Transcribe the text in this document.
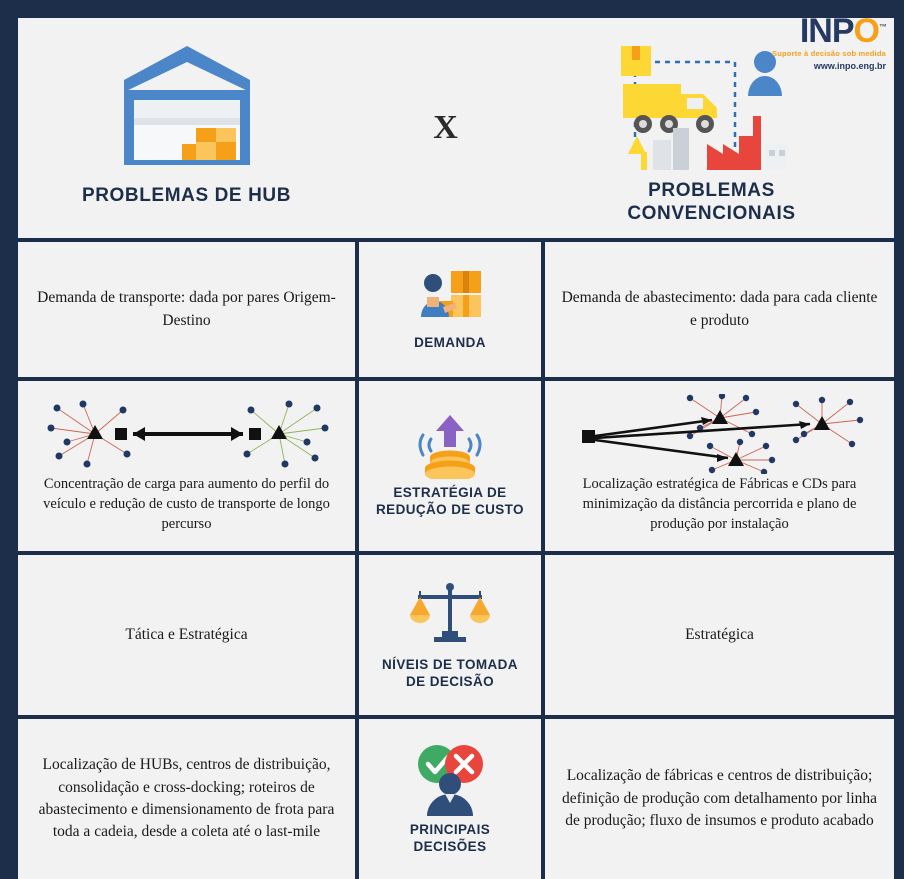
PROBLEMAS DE HUB
X
PROBLEMAS
CONVENCIONAIS
INPO™
Suporte à decisão sob medida
www.inpo.eng.br
Demanda de transporte: dada por pares Origem-Destino
DEMANDA
Demanda de abastecimento: dada para cada cliente e produto
Concentração de carga para aumento do perfil do veículo e redução de custo de transporte de longo percurso
ESTRATÉGIA DE
REDUÇÃO DE CUSTO
Localização estratégica de Fábricas e CDs para minimização da distância percorrida e plano de produção por instalação
Tática e Estratégica
NÍVEIS DE TOMADA
DE DECISÃO
Estratégica
Localização de HUBs, centros de distribuição, consolidação e cross-docking; roteiros de abastecimento e dimensionamento de frota para toda a cadeia, desde a coleta até o last-mile	PRINCIPAIS
DECISÕES
Localização de fábricas e centros de distribuição; definição de produção com detalhamento por linha de produção; fluxo de insumos e produto acabado
